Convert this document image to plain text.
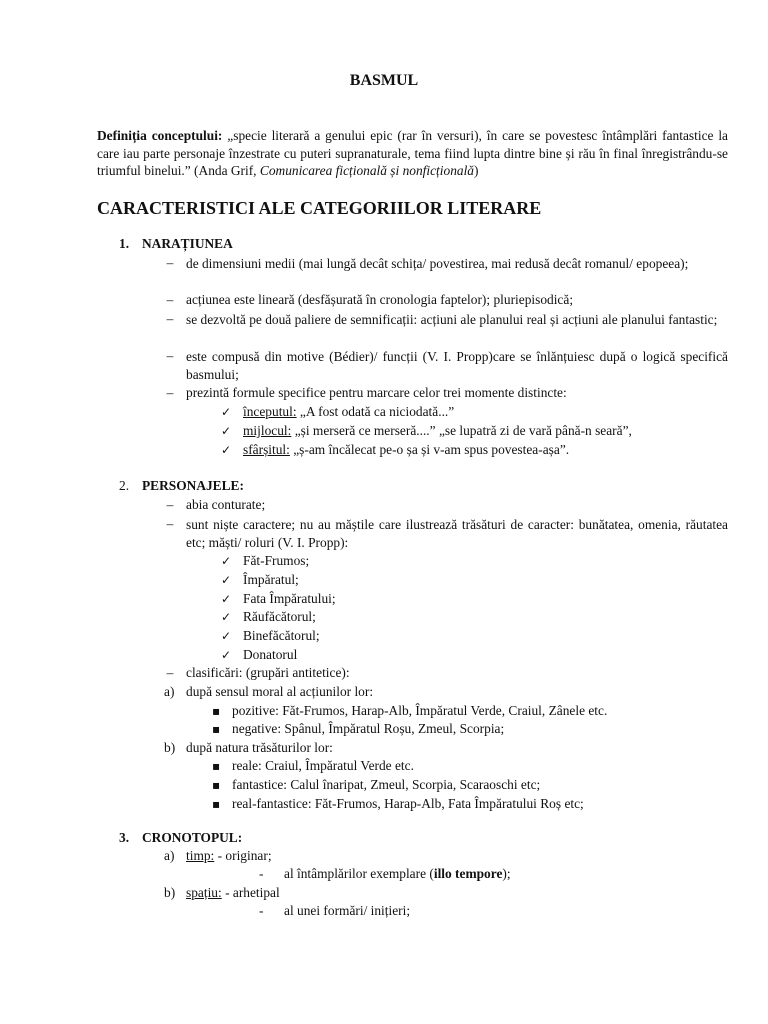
BASMUL
Definiția conceptului: „specie literară a genului epic (rar în versuri), în care se povestesc întâmplări fantastice la care iau parte personaje înzestrate cu puteri supranaturale, tema fiind lupta dintre bine și rău în final înregistrându-se triumful binelui.” (Anda Grif, Comunicarea ficțională și nonficțională)
CARACTERISTICI ALE CATEGORIILOR LITERARE
1. NARAȚIUNEA
– de dimensiuni medii (mai lungă decât schița/ povestirea, mai redusă decât romanul/ epopeea);
– acțiunea este lineară (desfășurată în cronologia faptelor); pluriepisodică;
– se dezvoltă pe două paliere de semnificații: acțiuni ale planului real și acțiuni ale planului fantastic;
– este compusă din motive (Bédier)/ funcții (V. I. Propp)care se înlănțuiesc după o logică specifică basmului;
– prezintă formule specifice pentru marcare celor trei momente distincte:
✓
începutul: „A fost odată ca niciodată...”
✓
mijlocul: „și merseră ce merseră....” „se lupatră zi de vară până-n seară”,
✓
sfârșitul: „ș-am încălecat pe-o șa și v-am spus povestea-așa”.
2. PERSONAJELE:
– abia conturate;
– sunt niște caractere; nu au măștile care ilustrează trăsături de caracter: bunătatea, omenia, răutatea etc; măști/ roluri (V. I. Propp):
✓
Făt-Frumos;
✓
Împăratul;
✓
Fata Împăratului;
✓
Răufăcătorul;
✓
Binefăcătorul;
✓
Donatorul
– clasificări: (grupări antitetice):
a) după sensul moral al acțiunilor lor:
▪
pozitive: Făt-Frumos, Harap-Alb, Împăratul Verde, Craiul, Zânele etc.
▪
negative: Spânul, Împăratul Roșu, Zmeul, Scorpia;
b) după natura trăsăturilor lor:
▪
reale: Craiul, Împăratul Verde etc.
▪
fantastice: Calul înaripat, Zmeul, Scorpia, Scaraoschi etc;
▪
real-fantastice: Făt-Frumos, Harap-Alb, Fata Împăratului Roș etc;
3. CRONOTOPUL:
a) timp: - originar;
- al întâmplărilor exemplare (illo tempore);
b) spațiu: - arhetipal
- al unei formări/ inițieri;
